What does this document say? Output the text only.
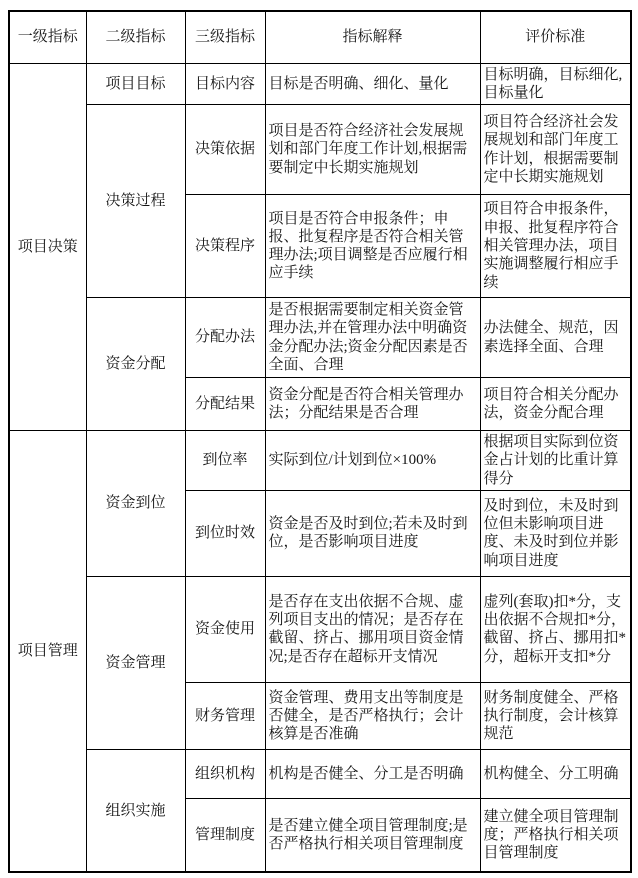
一级指标	二级指标	三级指标	指标解释	评价标准
项目决策	项目目标	目标内容	目标是否明确、细化、量化	目标明确，目标细化,目标量化
	决策过程	决策依据	项目是否符合经济社会发展规划和部门年度工作计划,根据需要制定中长期实施规划	项目符合经济社会发展规划和部门年度工作计划，根据需要制定中长期实施规划
		决策程序	项目是否符合申报条件；申报、批复程序是否符合相关管理办法;项目调整是否应履行相应手续	项目符合申报条件，申报、批复程序符合相关管理办法，项目实施调整履行相应手续
	资金分配	分配办法	是否根据需要制定相关资金管理办法,并在管理办法中明确资金分配办法;资金分配因素是否全面、合理	办法健全、规范，因素选择全面、合理
		分配结果	资金分配是否符合相关管理办法；分配结果是否合理	项目符合相关分配办法，资金分配合理
项目管理	资金到位	到位率	实际到位/计划到位×100%	根据项目实际到位资金占计划的比重计算得分
		到位时效	资金是否及时到位;若未及时到位，是否影响项目进度	及时到位，未及时到位但未影响项目进度、未及时到位并影响项目进度
	资金管理	资金使用	是否存在支出依据不合规、虚列项目支出的情况；是否存在截留、挤占、挪用项目资金情况;是否存在超标开支情况	虚列(套取)扣*分，支出依据不合规扣*分，截留、挤占、挪用扣*分，超标开支扣*分
		财务管理	资金管理、费用支出等制度是否健全，是否严格执行；会计核算是否准确	财务制度健全、严格执行制度，会计核算规范
	组织实施	组织机构	机构是否健全、分工是否明确	机构健全、分工明确
		管理制度	是否建立健全项目管理制度;是否严格执行相关项目管理制度	建立健全项目管理制度；严格执行相关项目管理制度
